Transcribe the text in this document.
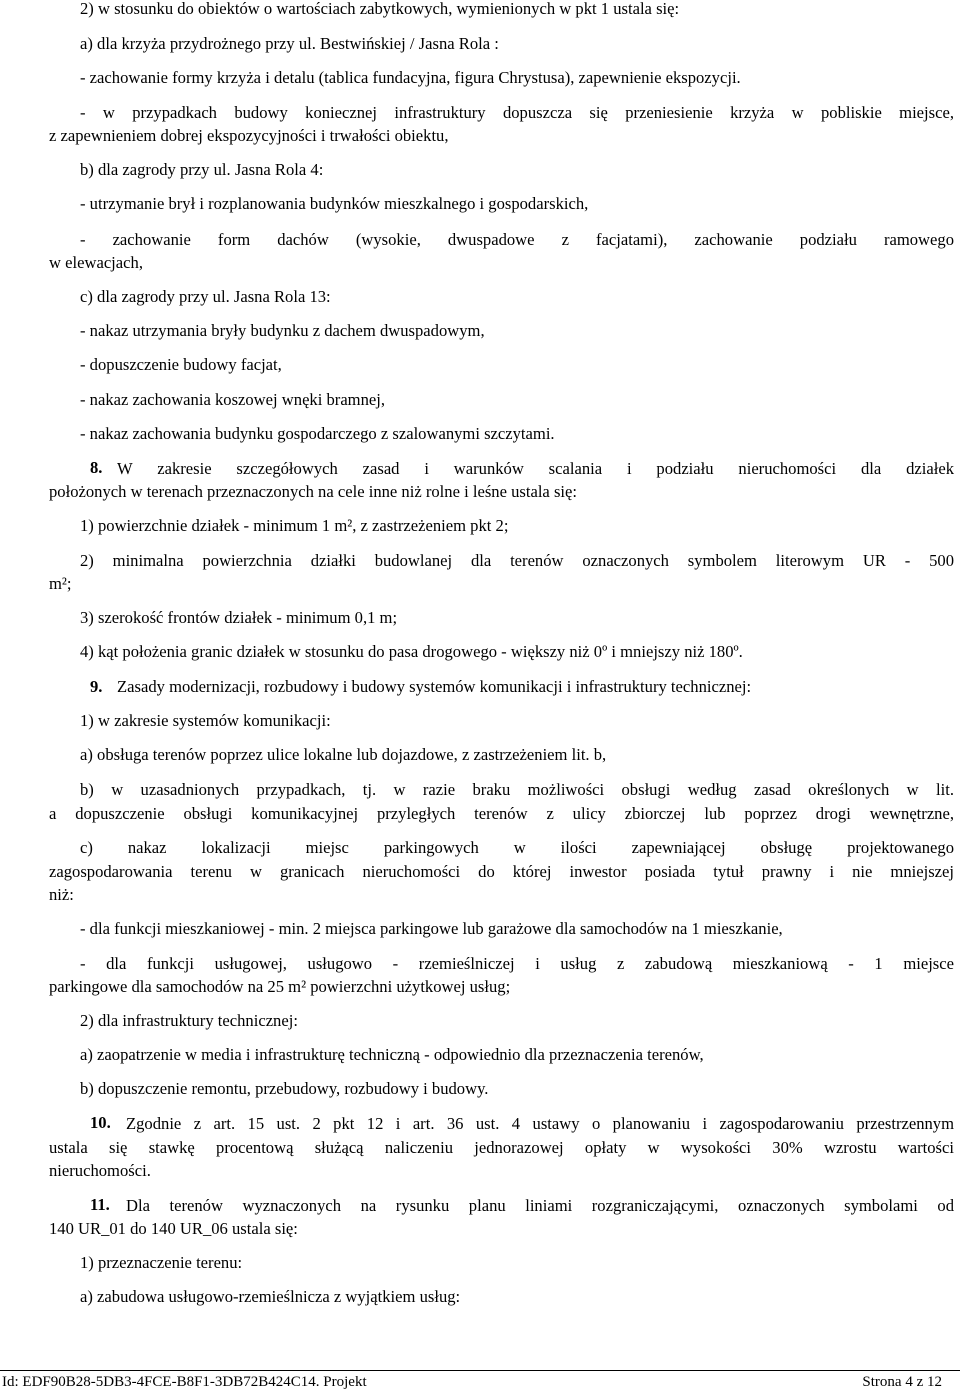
2) w stosunku do obiektów o wartościach zabytkowych, wymienionych w pkt 1 ustala się:
a) dla krzyża przydrożnego przy ul. Bestwińskiej / Jasna Rola :
- zachowanie formy krzyża i detalu (tablica fundacyjna, figura Chrystusa), zapewnienie ekspozycji.
- w przypadkach budowy koniecznej infrastruktury dopuszcza się przeniesienie krzyża w pobliskie miejsce,
z zapewnieniem dobrej ekspozycyjności i trwałości obiektu,
b) dla zagrody przy ul. Jasna Rola 4:
- utrzymanie brył i rozplanowania budynków mieszkalnego i gospodarskich,
- zachowanie form dachów (wysokie, dwuspadowe z facjatami), zachowanie podziału ramowego
w elewacjach,
c) dla zagrody przy ul. Jasna Rola 13:
- nakaz utrzymania bryły budynku z dachem dwuspadowym,
- dopuszczenie budowy facjat,
- nakaz zachowania koszowej wnęki bramnej,
- nakaz zachowania budynku gospodarczego z szalowanymi szczytami.
8. W zakresie szczegółowych zasad i warunków scalania i podziału nieruchomości dla działek
położonych w terenach przeznaczonych na cele inne niż rolne i leśne ustala się:
1) powierzchnie działek - minimum 1 m², z zastrzeżeniem pkt 2;
2) minimalna powierzchnia działki budowlanej dla terenów oznaczonych symbolem literowym UR - 500
m²;
3) szerokość frontów działek - minimum 0,1 m;
4) kąt położenia granic działek w stosunku do pasa drogowego - większy niż 0º i mniejszy niż 180º.
9. Zasady modernizacji, rozbudowy i budowy systemów komunikacji i infrastruktury technicznej:
1) w zakresie systemów komunikacji:
a) obsługa terenów poprzez ulice lokalne lub dojazdowe, z zastrzeżeniem lit. b,
b) w uzasadnionych przypadkach, tj. w razie braku możliwości obsługi według zasad określonych w lit.
a dopuszczenie obsługi komunikacyjnej przyległych terenów z ulicy zbiorczej lub poprzez drogi wewnętrzne,
c) nakaz lokalizacji miejsc parkingowych w ilości zapewniającej obsługę projektowanego
zagospodarowania terenu w granicach nieruchomości do której inwestor posiada tytuł prawny i nie mniejszej
niż:
- dla funkcji mieszkaniowej - min. 2 miejsca parkingowe lub garażowe dla samochodów na 1 mieszkanie,
- dla funkcji usługowej, usługowo - rzemieślniczej i usług z zabudową mieszkaniową - 1 miejsce
parkingowe dla samochodów na 25 m² powierzchni użytkowej usług;
2) dla infrastruktury technicznej:
a) zaopatrzenie w media i infrastrukturę techniczną - odpowiednio dla przeznaczenia terenów,
b) dopuszczenie remontu, przebudowy, rozbudowy i budowy.
10. Zgodnie z art. 15 ust. 2 pkt 12 i art. 36 ust. 4 ustawy o planowaniu i zagospodarowaniu przestrzennym
ustala się stawkę procentową służącą naliczeniu jednorazowej opłaty w wysokości 30% wzrostu wartości
nieruchomości.
11. Dla terenów wyznaczonych na rysunku planu liniami rozgraniczającymi, oznaczonych symbolami od
140 UR_01 do 140 UR_06 ustala się:
1) przeznaczenie terenu:
a) zabudowa usługowo-rzemieślnicza z wyjątkiem usług:
Id: EDF90B28-5DB3-4FCE-B8F1-3DB72B424C14. Projekt	Strona 4 z 12
